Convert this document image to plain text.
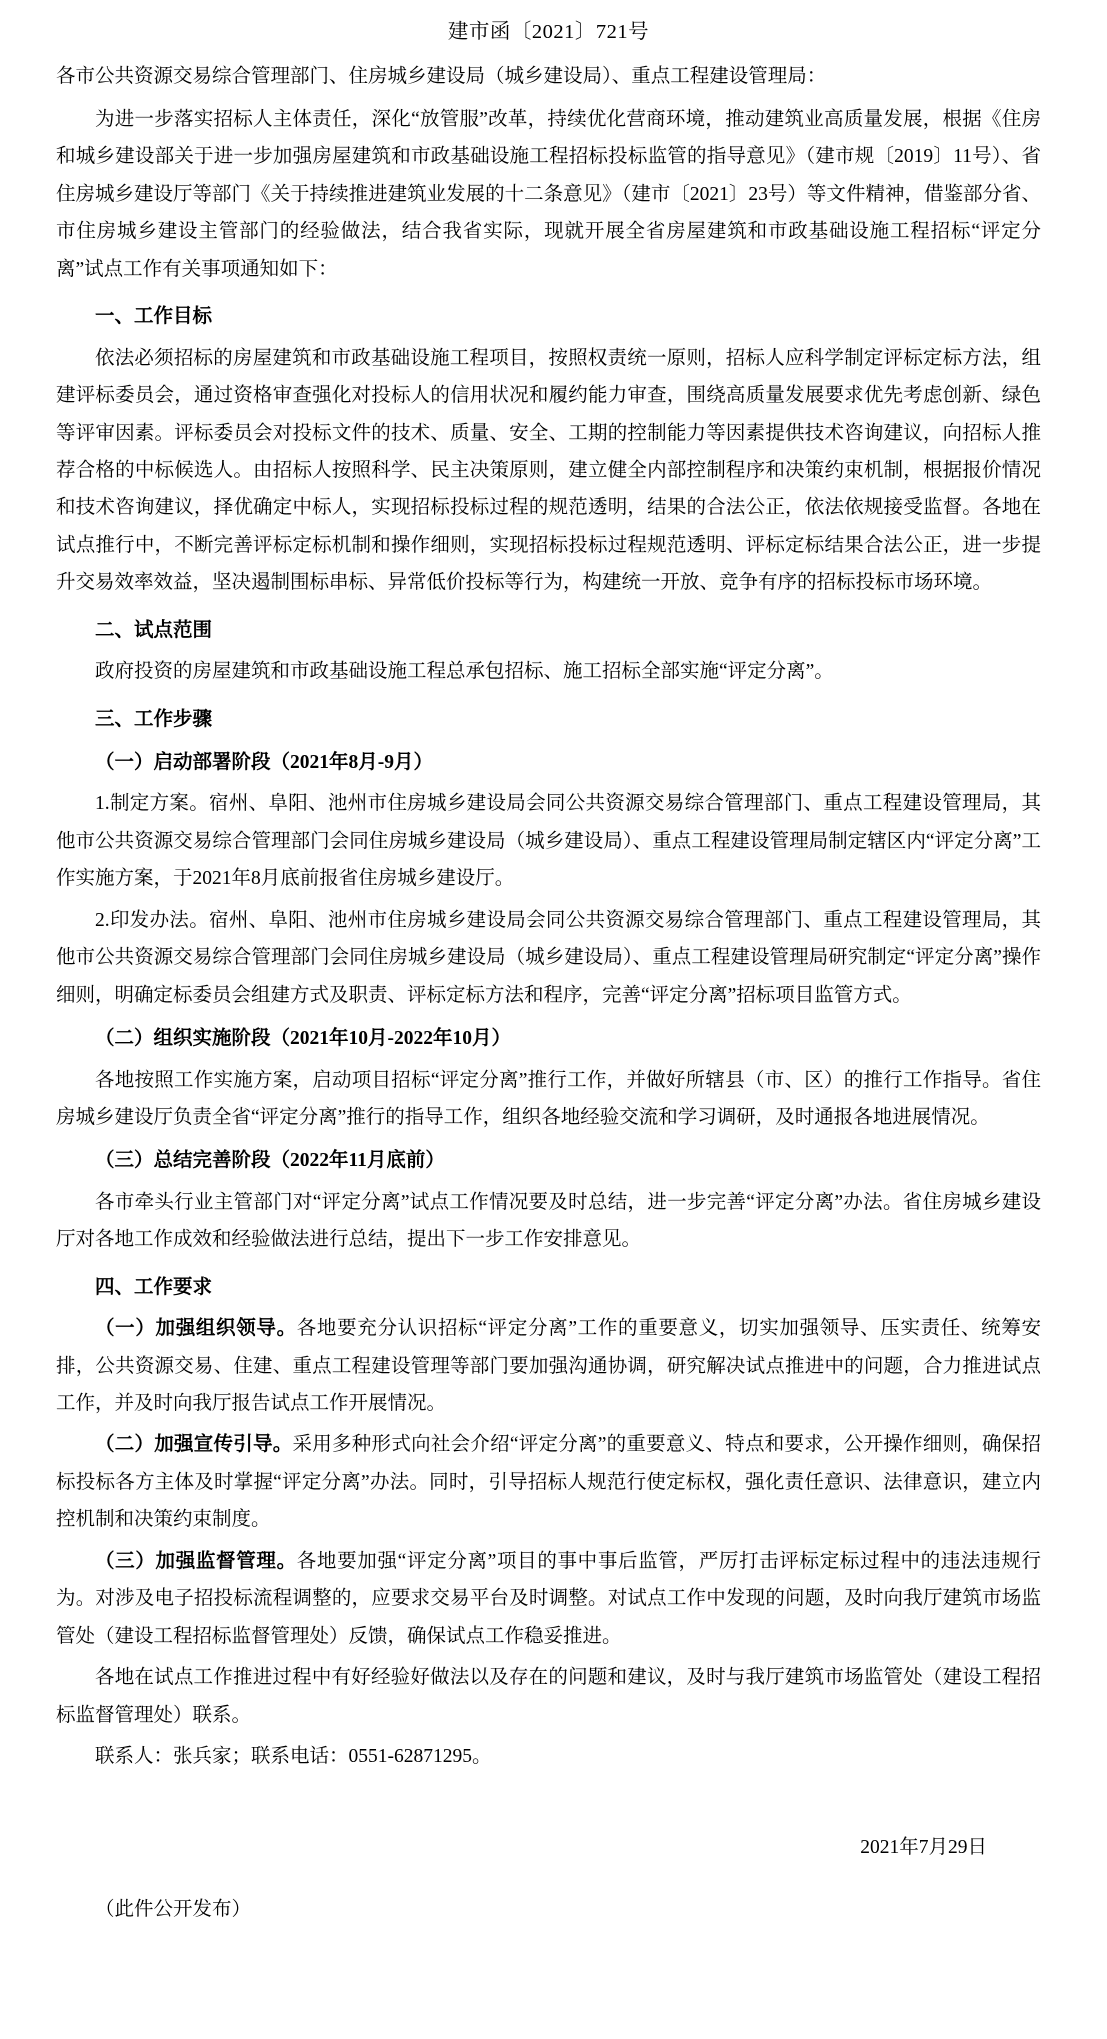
建市函〔2021〕721号
各市公共资源交易综合管理部门、住房城乡建设局（城乡建设局）、重点工程建设管理局：

为进一步落实招标人主体责任，深化“放管服”改革，持续优化营商环境，推动建筑业高质量发展，根据《住房和城乡建设部关于进一步加强房屋建筑和市政基础设施工程招标投标监管的指导意见》（建市规〔2019〕11号）、省住房城乡建设厅等部门《关于持续推进建筑业发展的十二条意见》（建市〔2021〕23号）等文件精神，借鉴部分省、市住房城乡建设主管部门的经验做法，结合我省实际，现就开展全省房屋建筑和市政基础设施工程招标“评定分离”试点工作有关事项通知如下：

一、工作目标

依法必须招标的房屋建筑和市政基础设施工程项目，按照权责统一原则，招标人应科学制定评标定标方法，组建评标委员会，通过资格审查强化对投标人的信用状况和履约能力审查，围绕高质量发展要求优先考虑创新、绿色等评审因素。评标委员会对投标文件的技术、质量、安全、工期的控制能力等因素提供技术咨询建议，向招标人推荐合格的中标候选人。由招标人按照科学、民主决策原则，建立健全内部控制程序和决策约束机制，根据报价情况和技术咨询建议，择优确定中标人，实现招标投标过程的规范透明，结果的合法公正，依法依规接受监督。各地在试点推行中，不断完善评标定标机制和操作细则，实现招标投标过程规范透明、评标定标结果合法公正，进一步提升交易效率效益，坚决遏制围标串标、异常低价投标等行为，构建统一开放、竞争有序的招标投标市场环境。

二、试点范围

政府投资的房屋建筑和市政基础设施工程总承包招标、施工招标全部实施“评定分离”。

三、工作步骤

（一）启动部署阶段（2021年8月-9月）

1.制定方案。宿州、阜阳、池州市住房城乡建设局会同公共资源交易综合管理部门、重点工程建设管理局，其他市公共资源交易综合管理部门会同住房城乡建设局（城乡建设局）、重点工程建设管理局制定辖区内“评定分离”工作实施方案，于2021年8月底前报省住房城乡建设厅。

2.印发办法。宿州、阜阳、池州市住房城乡建设局会同公共资源交易综合管理部门、重点工程建设管理局，其他市公共资源交易综合管理部门会同住房城乡建设局（城乡建设局）、重点工程建设管理局研究制定“评定分离”操作细则，明确定标委员会组建方式及职责、评标定标方法和程序，完善“评定分离”招标项目监管方式。

（二）组织实施阶段（2021年10月-2022年10月）

各地按照工作实施方案，启动项目招标“评定分离”推行工作，并做好所辖县（市、区）的推行工作指导。省住房城乡建设厅负责全省“评定分离”推行的指导工作，组织各地经验交流和学习调研，及时通报各地进展情况。

（三）总结完善阶段（2022年11月底前）

各市牵头行业主管部门对“评定分离”试点工作情况要及时总结，进一步完善“评定分离”办法。省住房城乡建设厅对各地工作成效和经验做法进行总结，提出下一步工作安排意见。

四、工作要求

（一）加强组织领导。各地要充分认识招标“评定分离”工作的重要意义，切实加强领导、压实责任、统筹安排，公共资源交易、住建、重点工程建设管理等部门要加强沟通协调，研究解决试点推进中的问题，合力推进试点工作，并及时向我厅报告试点工作开展情况。

（二）加强宣传引导。采用多种形式向社会介绍“评定分离”的重要意义、特点和要求，公开操作细则，确保招标投标各方主体及时掌握“评定分离”办法。同时，引导招标人规范行使定标权，强化责任意识、法律意识，建立内控机制和决策约束制度。

（三）加强监督管理。各地要加强“评定分离”项目的事中事后监管，严厉打击评标定标过程中的违法违规行为。对涉及电子招投标流程调整的，应要求交易平台及时调整。对试点工作中发现的问题，及时向我厅建筑市场监管处（建设工程招标监督管理处）反馈，确保试点工作稳妥推进。

各地在试点工作推进过程中有好经验好做法以及存在的问题和建议，及时与我厅建筑市场监管处（建设工程招标监督管理处）联系。

联系人：张兵家；联系电话：0551-62871295。

2021年7月29日
（此件公开发布）
